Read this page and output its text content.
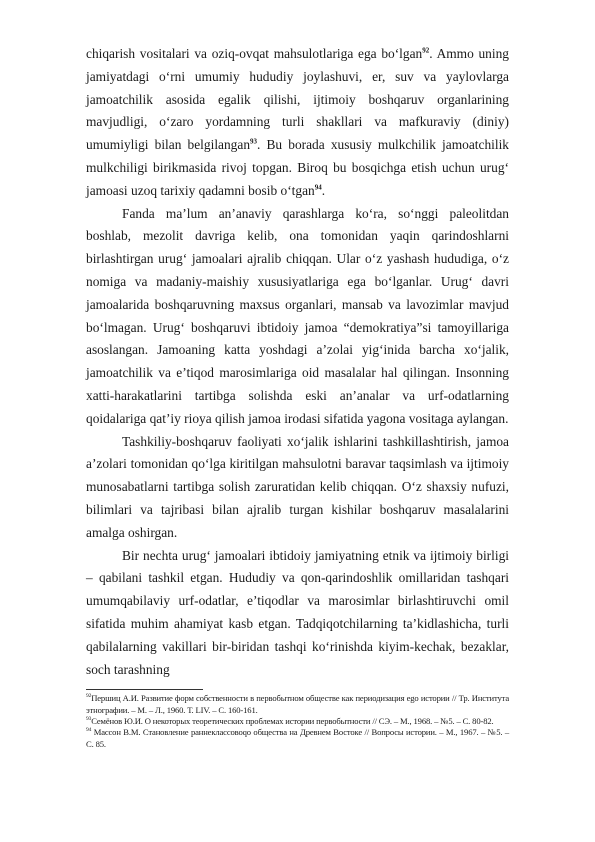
chiqarish vositalari va oziq-ovqat mahsulotlariga ega bo‘lgan$^{92}$. Ammo uning jamiyatdagi o‘rni umumiy hududiy joylashuvi, er, suv va yaylovlarga jamoatchilik asosida egalik qilishi, ijtimoiy boshqaruv organlarining mavjudligi, o‘zaro yordamning turli shakllari va mafkuraviy (diniy) umumiyligi bilan belgilangan$^{93}$. Bu borada xususiy mulkchilik jamoatchilik mulkchiligi birikmasida rivoj topgan. Biroq bu bosqichga etish uchun urug‘ jamoasi uzoq tarixiy qadamni bosib o‘tgan$^{94}$.

Fanda ma’lum an’anaviy qarashlarga ko‘ra, so‘nggi paleolitdan boshlab, mezolit davriga kelib, ona tomonidan yaqin qarindoshlarni birlashtirgan urug‘ jamoalari ajralib chiqqan. Ular o‘z yashash hududiga, o‘z nomiga va madaniy-maishiy xususiyatlariga ega bo‘lganlar. Urug‘ davri jamoalarida boshqaruvning maxsus organlari, mansab va lavozimlar mavjud bo‘lmagan. Urug‘ boshqaruvi ibtidoiy jamoa “demokratiya”si tamoyillariga asoslangan. Jamoaning katta yoshdagi a’zolai yig‘inida barcha xo‘jalik, jamoatchilik va e’tiqod marosimlariga oid masalalar hal qilingan. Insonning xatti-harakatlarini tartibga solishda eski an’analar va urf-odatlarning qoidalariga qat’iy rioya qilish jamoa irodasi sifatida yagona vositaga aylangan.

Tashkiliy-boshqaruv faoliyati xo‘jalik ishlarini tashkillashtirish, jamoa a’zolari tomonidan qo‘lga kiritilgan mahsulotni baravar taqsimlash va ijtimoiy munosabatlarni tartibga solish zaruratidan kelib chiqqan. O‘z shaxsiy nufuzi, bilimlari va tajribasi bilan ajralib turgan kishilar boshqaruv masalalarini amalga oshirgan.

Bir nechta urug‘ jamoalari ibtidoiy jamiyatning etnik va ijtimoiy birligi – qabilani tashkil etgan. Hududiy va qon-qarindoshlik omillaridan tashqari umumqabilaviy urf-odatlar, e’tiqodlar va marosimlar birlashtiruvchi omil sifatida muhim ahamiyat kasb etgan. Tadqiqotchilarning ta’kidlashicha, turli qabilalarning vakillari bir-biridan tashqi ko‘rinishda kiyim-kechak, bezaklar, soch tarashning

$^{92}$Першиц А.И. Развитие форм собственности в первобытном обществе как периодизация ego истории // Тр. Института этнографии. – М. – Л., 1960. Т. LIV. – С. 160-161.

$^{93}$Семёнов Ю.И. О некоторых теоретических проблемах истории первобытности // СЭ. – М., 1968. – №5. – С. 80-82.

$^{94}$ Массон В.М. Становление раннеклассовоqо общества на Древнем Востоке // Вопросы истории. – М., 1967. – №5. – С. 85.
